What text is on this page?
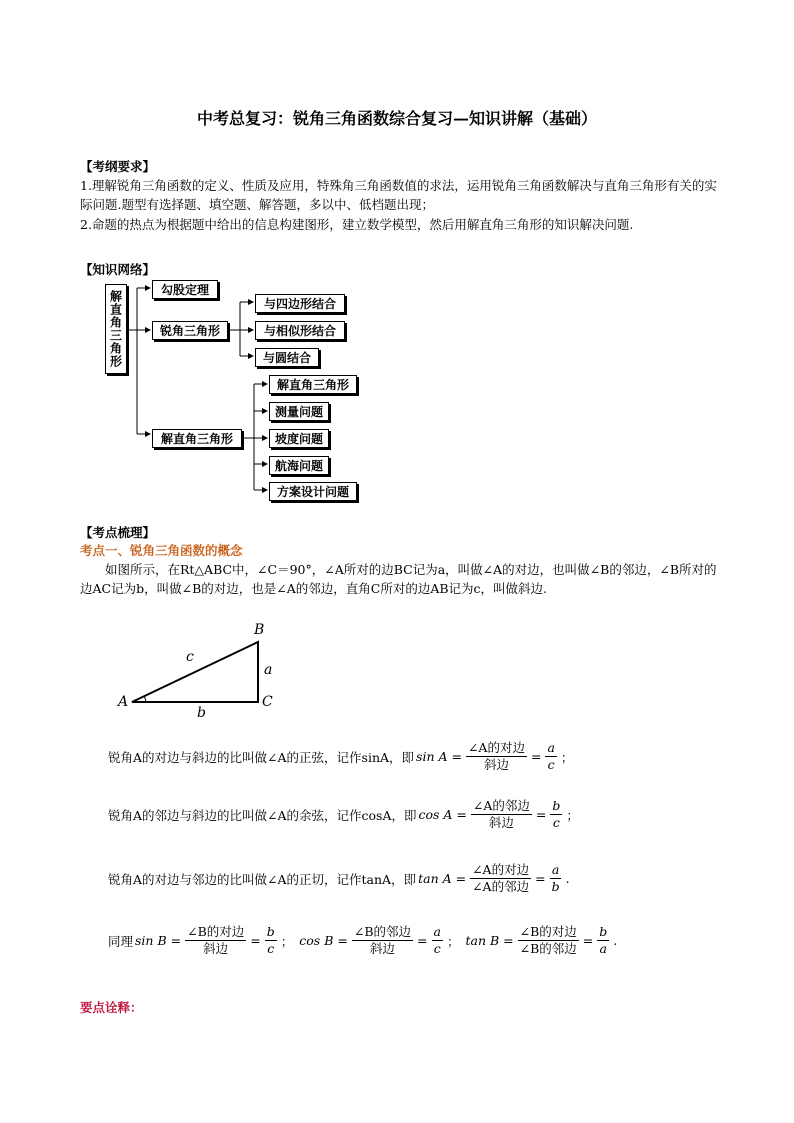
中考总复习：锐角三角函数综合复习—知识讲解（基础）
【考纲要求】
1.理解锐角三角函数的定义、性质及应用，特殊角三角函数值的求法，运用锐角三角函数解决与直角三角形有关的实际问题.题型有选择题、填空题、解答题，多以中、低档题出现；
2.命题的热点为根据题中给出的信息构建图形，建立数学模型，然后用解直角三角形的知识解决问题.
【知识网络】
解直角三角形	勾股定理
锐角三角形
与四边形结合
与相似形结合
与圆结合
解直角三角形
解直角三角形
测量问题
坡度问题
航海问题
方案设计问题
【考点梳理】
考点一、锐角三角函数的概念
如图所示，在Rt△ABC中，∠C＝90°，∠A所对的边BC记为a，叫做∠A的对边，也叫做∠B的邻边，∠B所对的边AC记为b，叫做∠B的对边，也是∠A的邻边，直角C所对的边AB记为c，叫做斜边.
B
A	C
c
a
b
锐角A的对边与斜边的比叫做∠A的正弦，记作sinA，即 $\sin A = \frac{\text{∠A的对边}}{\text{斜边}} = \frac{a}{c}$ ；
锐角A的邻边与斜边的比叫做∠A的余弦，记作cosA，即 $\cos A = \frac{\text{∠A的邻边}}{\text{斜边}} = \frac{b}{c}$ ；
锐角A的对边与邻边的比叫做∠A的正切，记作tanA，即 $\tan A = \frac{\text{∠A的对边}}{\text{∠A的邻边}} = \frac{a}{b}$ .
同理 $\sin B = \frac{\text{∠B的对边}}{\text{斜边}} = \frac{b}{c}$ ； $\cos B = \frac{\text{∠B的邻边}}{\text{斜边}} = \frac{a}{c}$ ； $\tan B = \frac{\text{∠B的对边}}{\text{∠B的邻边}} = \frac{b}{a}$ .
要点诠释：
